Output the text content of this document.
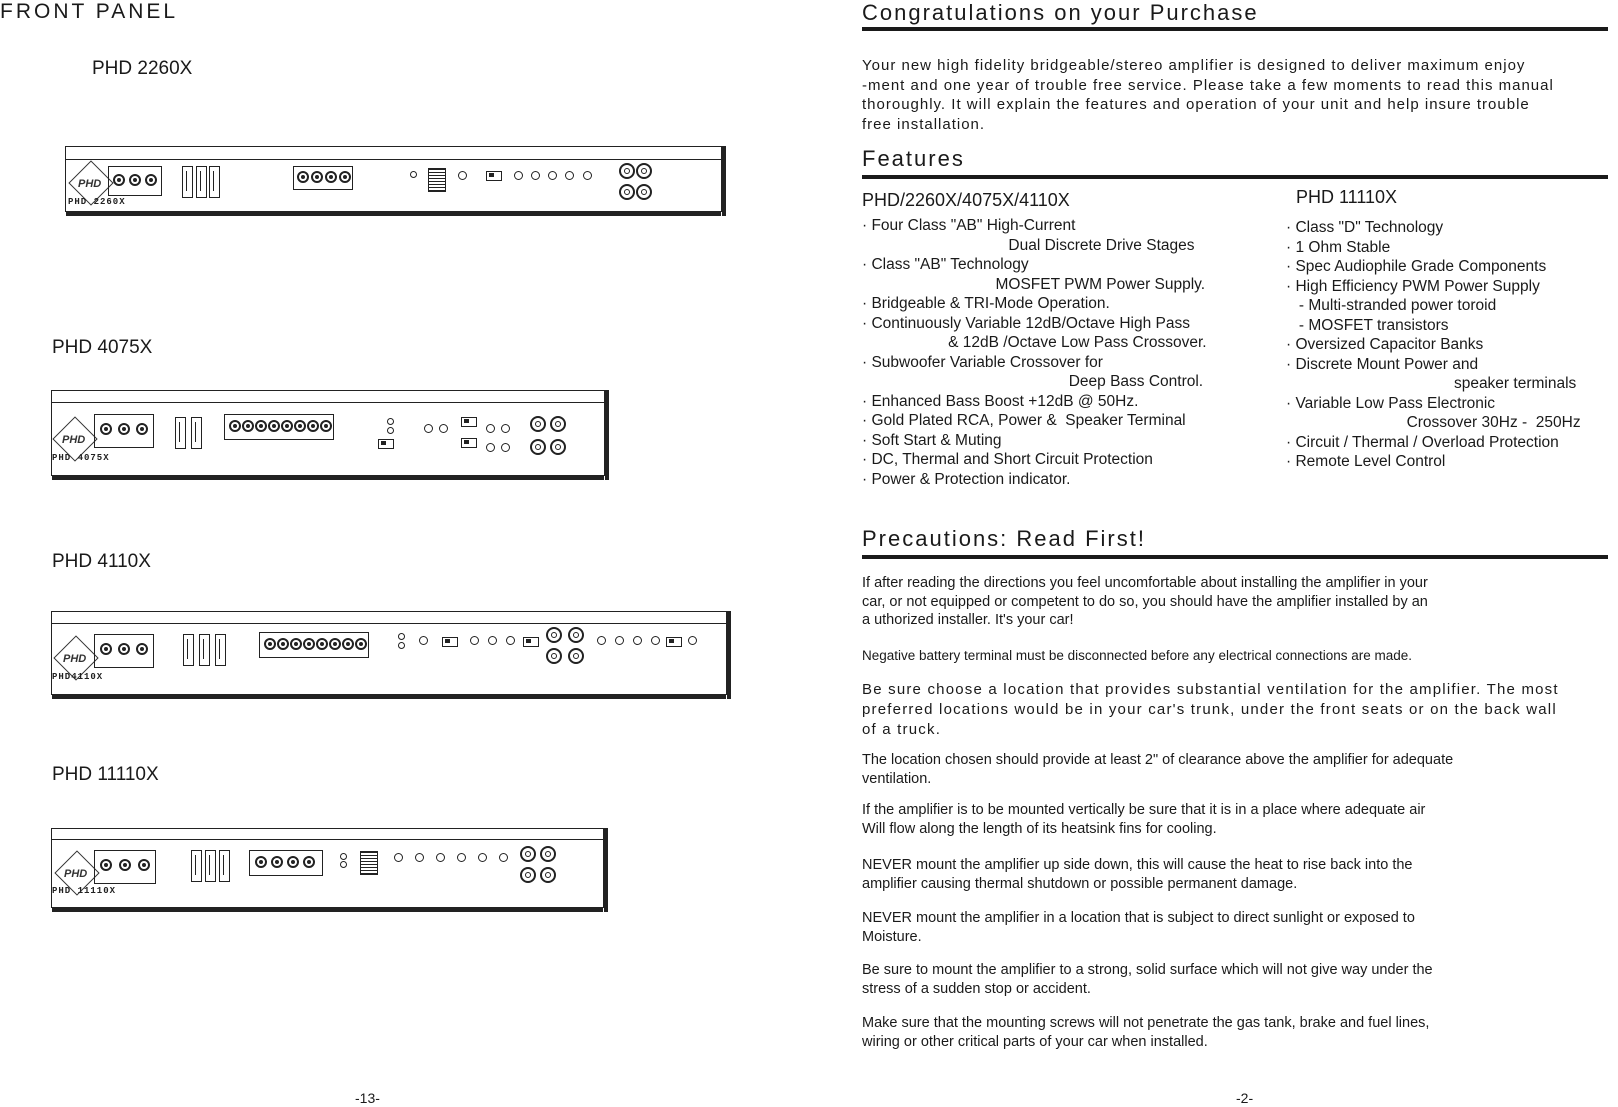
FRONT PANEL
PHD 2260X
PHD
PHD 2260X
PHD 4075X
PHD
PHD 4075X
PHD 4110X
PHD
PHD4110X
PHD 11110X
PHD
PHD 11110X
-13-
Congratulations on your Purchase
Your new high fidelity bridgeable/stereo amplifier is designed to deliver maximum enjoy
-ment and one year of trouble free service. Please take a few moments to read this manual
thoroughly. It will explain the features and operation of your unit and help insure trouble
free installation.
Features
PHD/2260X/4075X/4110X
· Four Class "AB" High-Current
Dual Discrete Drive Stages
· Class "AB" Technology
MOSFET PWM Power Supply.
· Bridgeable & TRI-Mode Operation.
· Continuously Variable 12dB/Octave High Pass
& 12dB /Octave Low Pass Crossover.
· Subwoofer Variable Crossover for
Deep Bass Control.
· Enhanced Bass Boost +12dB @ 50Hz.
· Gold Plated RCA, Power &  Speaker Terminal
· Soft Start & Muting
· DC, Thermal and Short Circuit Protection
· Power & Protection indicator.
PHD 11110X
· Class "D" Technology
· 1 Ohm Stable
· Spec Audiophile Grade Components
· High Efficiency PWM Power Supply
- Multi-stranded power toroid
- MOSFET transistors
· Oversized Capacitor Banks
· Discrete Mount Power and
speaker terminals
· Variable Low Pass Electronic
Crossover 30Hz -  250Hz
· Circuit / Thermal / Overload Protection
· Remote Level Control
Precautions: Read First!
If after reading the directions you feel uncomfortable about installing the amplifier in your
car, or not equipped or competent to do so, you should have the amplifier installed by an
a uthorized installer. It's your car!
Negative battery terminal must be disconnected before any electrical connections are made.
Be sure choose a location that provides substantial ventilation for the amplifier. The most
preferred locations would be in your car's trunk, under the front seats or on the back wall
of a truck.
The location chosen should provide at least 2" of clearance above the amplifier for adequate
ventilation.
If the amplifier is to be mounted vertically be sure that it is in a place where adequate air
Will flow along the length of its heatsink fins for cooling.
NEVER mount the amplifier up side down, this will cause the heat to rise back into the
amplifier causing thermal shutdown or possible permanent damage.
NEVER mount the amplifier in a location that is subject to direct sunlight or exposed to
Moisture.
Be sure to mount the amplifier to a strong, solid surface which will not give way under the
stress of a sudden stop or accident.
Make sure that the mounting screws will not penetrate the gas tank, brake and fuel lines,
wiring or other critical parts of your car when installed.
-2-
